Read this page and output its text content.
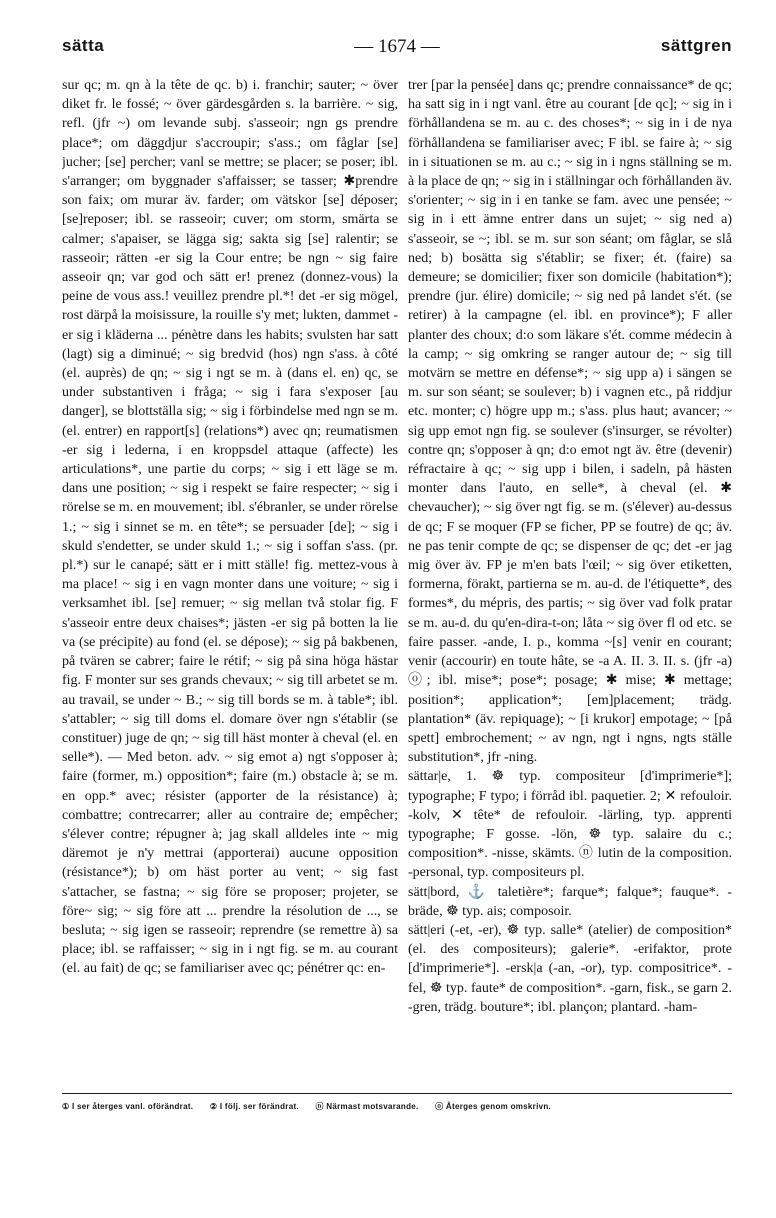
sätta	— 1674 —	sättgren

sur qc; m. qn à la tête de qc. b) i. franchir; sauter; ~ över diket fr. le fossé; ~ över gärdesgården s. la barrière. ~ sig, refl. (jfr ~) om levande subj. s'asseoir; ngn gs prendre place*; om däggdjur s'accroupir; s'ass.; om fåglar [se] jucher; [se] percher; vanl se mettre; se placer; se poser; ibl. s'arranger; om byggnader s'affaisser; se tasser; ✱prendre son faix; om murar äv. farder; om vätskor [se] déposer; [se]reposer; ibl. se rasseoir; cuver; om storm, smärta se calmer; s'apaiser, se lägga sig; sakta sig [se] ralentir; se rasseoir; rätten -er sig la Cour entre; be ngn ~ sig faire asseoir qn; var god och sätt er! prenez (donnez-vous) la peine de vous ass.! veuillez prendre pl.*! det -er sig mögel, rost därpå la moisissure, la rouille s'y met; lukten, dammet -er sig i kläderna ... pénètre dans les habits; svulsten har satt (lagt) sig a diminué; ~ sig bredvid (hos) ngn s'ass. à côté (el. auprès) de qn; ~ sig i ngt se m. à (dans el. en) qc, se under substantiven i fråga; ~ sig i fara s'exposer [au danger], se blottställa sig; ~ sig i förbindelse med ngn se m. (el. entrer) en rapport[s] (relations*) avec qn; reumatismen -er sig i lederna, i en kroppsdel attaque (affecte) les articulations*, une partie du corps; ~ sig i ett läge se m. dans une position; ~ sig i respekt se faire respecter; ~ sig i rörelse se m. en mouvement; ibl. s'ébranler, se under rörelse 1.; ~ sig i sinnet se m. en tête*; se persuader [de]; ~ sig i skuld s'endetter, se under skuld 1.; ~ sig i soffan s'ass. (pr. pl.*) sur le canapé; sätt er i mitt ställe! fig. mettez-vous à ma place! ~ sig i en vagn monter dans une voiture; ~ sig i verksamhet ibl. [se] remuer; ~ sig mellan två stolar fig. F s'asseoir entre deux chaises*; jästen -er sig på botten la lie va (se précipite) au fond (el. se dépose); ~ sig på bakbenen, på tvären se cabrer; faire le rétif; ~ sig på sina höga hästar fig. F monter sur ses grands chevaux; ~ sig till arbetet se m. au travail, se under ~ B.; ~ sig till bords se m. à table*; ibl. s'attabler; ~ sig till doms el. domare över ngn s'établir (se constituer) juge de qn; ~ sig till häst monter à cheval (el. en selle*). — Med beton. adv. ~ sig emot a) ngt s'opposer à; faire (former, m.) opposition*; faire (m.) obstacle à; se m. en opp.* avec; résister (apporter de la résistance) à; combattre; contrecarrer; aller au contraire de; empêcher; s'élever contre; répugner à; jag skall alldeles inte ~ mig däremot je n'y mettrai (apporterai) aucune opposition (résistance*); b) om häst porter au vent; ~ sig fast s'attacher, se fastna; ~ sig före se proposer; projeter, se före~ sig; ~ sig före att ... prendre la résolution de ..., se besluta; ~ sig igen se rasseoir; reprendre (se remettre à) sa place; ibl. se raffaisser; ~ sig in i ngt fig. se m. au courant (el. au fait) de qc; se familiariser avec qc; pénétrer qc: en-

trer [par la pensée] dans qc; prendre connaissance* de qc; ha satt sig in i ngt vanl. être au courant [de qc]; ~ sig in i förhållandena se m. au c. des choses*; ~ sig in i de nya förhållandena se familiariser avec; F ibl. se faire à; ~ sig in i situationen se m. au c.; ~ sig in i ngns ställning se m. à la place de qn; ~ sig in i ställningar och förhållanden äv. s'orienter; ~ sig in i en tanke se fam. avec une pensée; ~ sig in i ett ämne entrer dans un sujet; ~ sig ned a) s'asseoir, se ~; ibl. se m. sur son séant; om fåglar, se slå ned; b) bosätta sig s'établir; se fixer; ét. (faire) sa demeure; se domicilier; fixer son domicile (habitation*); prendre (jur. élire) domicile; ~ sig ned på landet s'ét. (se retirer) à la campagne (el. ibl. en province*); F aller planter des choux; d:o som läkare s'ét. comme médecin à la camp; ~ sig omkring se ranger autour de; ~ sig till motvärn se mettre en défense*; ~ sig upp a) i sängen se m. sur son séant; se soulever; b) i vagnen etc., på riddjur etc. monter; c) högre upp m.; s'ass. plus haut; avancer; ~ sig upp emot ngn fig. se soulever (s'insurger, se révolter) contre qn; s'opposer à qn; d:o emot ngt äv. être (devenir) réfractaire à qc; ~ sig upp i bilen, i sadeln, på hästen monter dans l'auto, en selle*, à cheval (el. ✱ chevaucher); ~ sig över ngt fig. se m. (s'élever) au-dessus de qc; F se moquer (FP se ficher, PP se foutre) de qc; äv. ne pas tenir compte de qc; se dispenser de qc; det -er jag mig över äv. FP je m'en bats l'œil; ~ sig över etiketten, formerna, förakt, partierna se m. au-d. de l'étiquette*, des formes*, du mépris, des partis; ~ sig över vad folk pratar se m. au-d. du qu'en-dira-t-on; låta ~ sig över fl od etc. se faire passer. -ande, I. p., komma ~[s] venir en courant; venir (accourir) en toute hâte, se -a A. II. 3. II. s. (jfr -a) ⓞ; ibl. mise*; pose*; posage; ✱ mise; ✱ mettage; position*; application*; [em]placement; trädg. plantation* (äv. repiquage); ~ [i krukor] empotage; ~ [på spett] embrochement; ~ av ngn, ngt i ngns, ngts ställe substitution*, jfr -ning.

sättar|e, 1. ☸ typ. compositeur [d'imprimerie*]; typographe; F typo; i förråd ibl. paquetier. 2; ✕ refouloir. -kolv, ✕ tête* de refouloir. -lärling, typ. apprenti typographe; F gosse. -lön, ☸ typ. salaire du c.; composition*. -nisse, skämts. ⓝ lutin de la composition. -personal, typ. compositeurs pl.

sätt|bord, ⚓ taletière*; farque*; falque*; fauque*. -bräde, ☸ typ. ais; composoir.

sätt|eri (-et, -er), ☸ typ. salle* (atelier) de composition* (el. des compositeurs); galerie*. -erifaktor, prote [d'imprimerie*]. -ersk|a (-an, -or), typ. compositrice*. -fel, ☸ typ. faute* de composition*. -garn, fisk., se garn 2. -gren, trädg. bouture*; ibl. plançon; plantard. -ham-

① I ser återges vanl. oförändrat. ② I följ. ser förändrat. ⓝ Närmast motsvarande. ⓞ Återges genom omskrivn.
